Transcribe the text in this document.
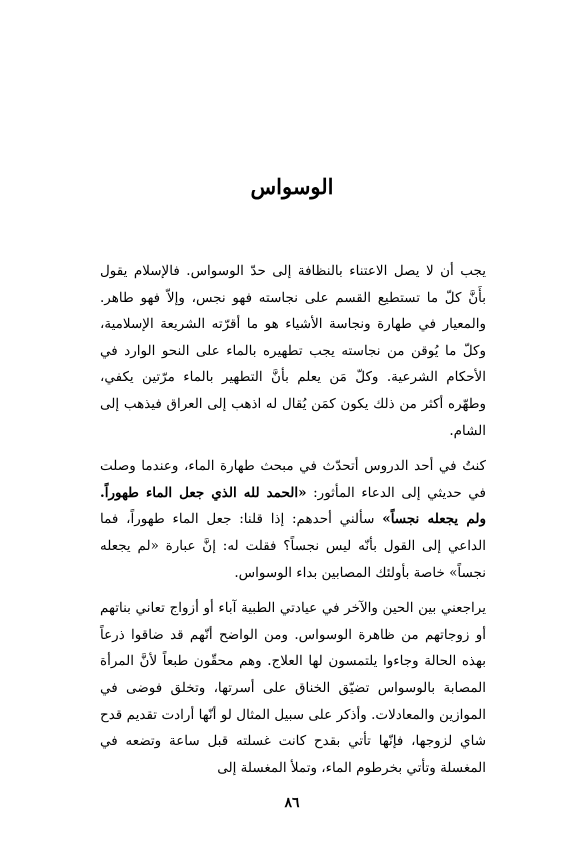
الوسواس

يجب أن لا يصل الاعتناء بالنظافة إلى حدّ الوسواس. فالإسلام يقول بأَنَّ كلّ ما تستطيع القسم على نجاسته فهو نجس، وإلاّ فهو طاهر. والمعيار في طهارة ونجاسة الأشياء هو ما أقرّته الشريعة الإسلامية، وكلّ ما يُوقن من نجاسته يجب تطهيره بالماء على النحو الوارد في الأحكام الشرعية. وكلّ مَن يعلم بأنَّ التطهير بالماء مرّتين يكفي، وطهّره أكثر من ذلك يكون كمَن يُقال له اذهب إلى العراق فيذهب إلى الشام.

كنتُ في أحد الدروس أتحدّث في مبحث طهارة الماء، وعندما وصلت في حديثي إلى الدعاء المأثور: «الحمد لله الذي جعل الماء طهوراً. ولم يجعله نجساً» سألني أحدهم: إذا قلنا: جعل الماء طهوراً، فما الداعي إلى القول بأنّه ليس نجساً؟ فقلت له: إنَّ عبارة «لم يجعله نجساً» خاصة بأولئك المصابين بداء الوسواس.

يراجعني بين الحين والآخر في عيادتي الطبية آباء أو أزواج تعاني بناتهم أو زوجاتهم من ظاهرة الوسواس. ومن الواضح أنّهم قد ضاقوا ذرعاً بهذه الحالة وجاءوا يلتمسون لها العلاج. وهم محقّون طبعاً لأنَّ المرأة المصابة بالوسواس تضيّق الخناق على أسرتها، وتخلق فوضى في الموازين والمعادلات. وأذكر على سبيل المثال لو أنّها أرادت تقديم قدح شاي لزوجها، فإنّها تأتي بقدح كانت غسلته قبل ساعة وتضعه في المغسلة وتأتي بخرطوم الماء، وتملأ المغسلة إلى

٨٦
